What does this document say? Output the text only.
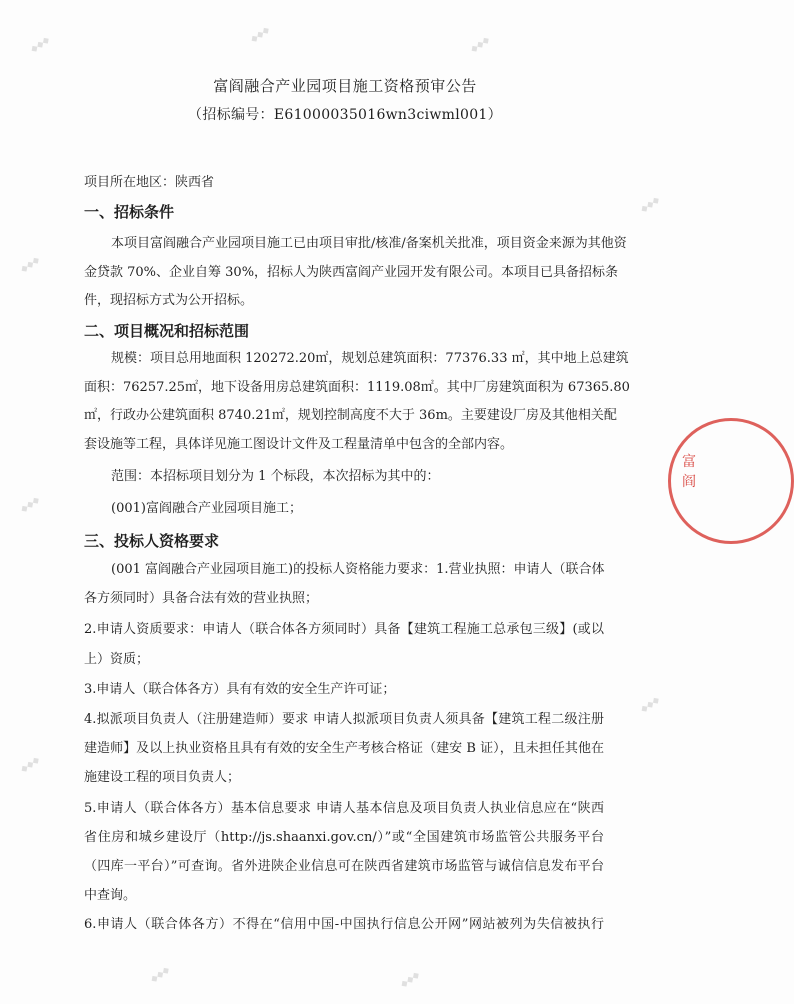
富阎融合产业园项目施工资格预审公告
（招标编号：E61000035016wn3ciwml001）
项目所在地区：陕西省
一、招标条件
本项目富阎融合产业园项目施工已由项目审批/核准/备案机关批准，项目资金来源为其他资
金贷款 70%、企业自筹 30%，招标人为陕西富阎产业园开发有限公司。本项目已具备招标条
件，现招标方式为公开招标。
二、项目概况和招标范围
规模：项目总用地面积 120272.20㎡，规划总建筑面积：77376.33 ㎡，其中地上总建筑
面积：76257.25㎡，地下设备用房总建筑面积：1119.08㎡。其中厂房建筑面积为 67365.80
㎡，行政办公建筑面积 8740.21㎡，规划控制高度不大于 36m。主要建设厂房及其他相关配
套设施等工程，具体详见施工图设计文件及工程量清单中包含的全部内容。
范围：本招标项目划分为 1 个标段，本次招标为其中的：
(001)富阎融合产业园项目施工；
三、投标人资格要求
(001 富阎融合产业园项目施工)的投标人资格能力要求：1.营业执照：申请人（联合体
各方须同时）具备合法有效的营业执照；
2.申请人资质要求：申请人（联合体各方须同时）具备【建筑工程施工总承包三级】(或以
上）资质；
3.申请人（联合体各方）具有有效的安全生产许可证；
4.拟派项目负责人（注册建造师）要求 申请人拟派项目负责人须具备【建筑工程二级注册
建造师】及以上执业资格且具有有效的安全生产考核合格证（建安 B 证），且未担任其他在
施建设工程的项目负责人；
5.申请人（联合体各方）基本信息要求 申请人基本信息及项目负责人执业信息应在“陕西
省住房和城乡建设厅（http://js.shaanxi.gov.cn/）”或“全国建筑市场监管公共服务平台
（四库一平台）”可查询。省外进陕企业信息可在陕西省建筑市场监管与诚信信息发布平台
中查询。
6.申请人（联合体各方）不得在“信用中国-中国执行信息公开网”网站被列为失信被执行
富阎
◆◆◆	◆◆◆	◆◆◆
◆◆◆
◆◆◆
◆◆◆
◆◆◆
◆◆◆
◆◆◆	◆◆◆
